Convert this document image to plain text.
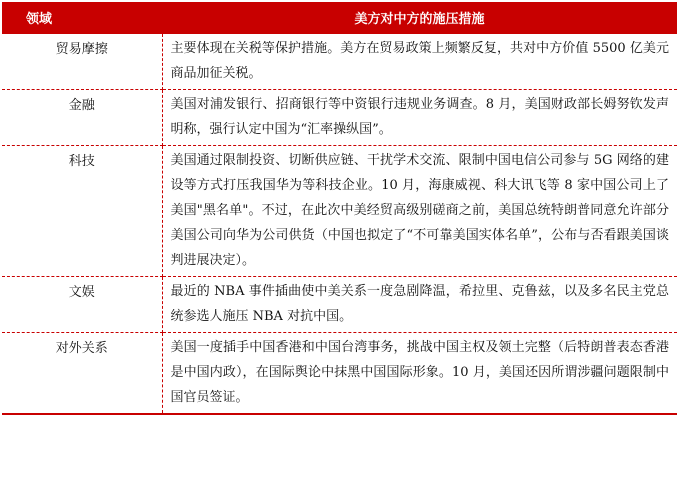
领域	美方对中方的施压措施
贸易摩擦	主要体现在关税等保护措施。美方在贸易政策上频繁反复，共对中方价值 5500 亿美元商品加征关税。
金融	美国对浦发银行、招商银行等中资银行违规业务调查。8 月，美国财政部长姆努钦发声明称，强行认定中国为“汇率操纵国”。
科技	美国通过限制投资、切断供应链、干扰学术交流、限制中国电信公司参与 5G 网络的建设等方式打压我国华为等科技企业。10 月，海康威视、科大讯飞等 8 家中国公司上了美国"黑名单"。不过，在此次中美经贸高级别磋商之前，美国总统特朗普同意允许部分美国公司向华为公司供货（中国也拟定了“不可靠美国实体名单”，公布与否看跟美国谈判进展决定）。
文娱	最近的 NBA 事件插曲使中美关系一度急剧降温，希拉里、克鲁兹，以及多名民主党总统参选人施压 NBA 对抗中国。
对外关系	美国一度插手中国香港和中国台湾事务，挑战中国主权及领土完整（后特朗普表态香港是中国内政），在国际舆论中抹黑中国国际形象。10 月，美国还因所谓涉疆问题限制中国官员签证。
